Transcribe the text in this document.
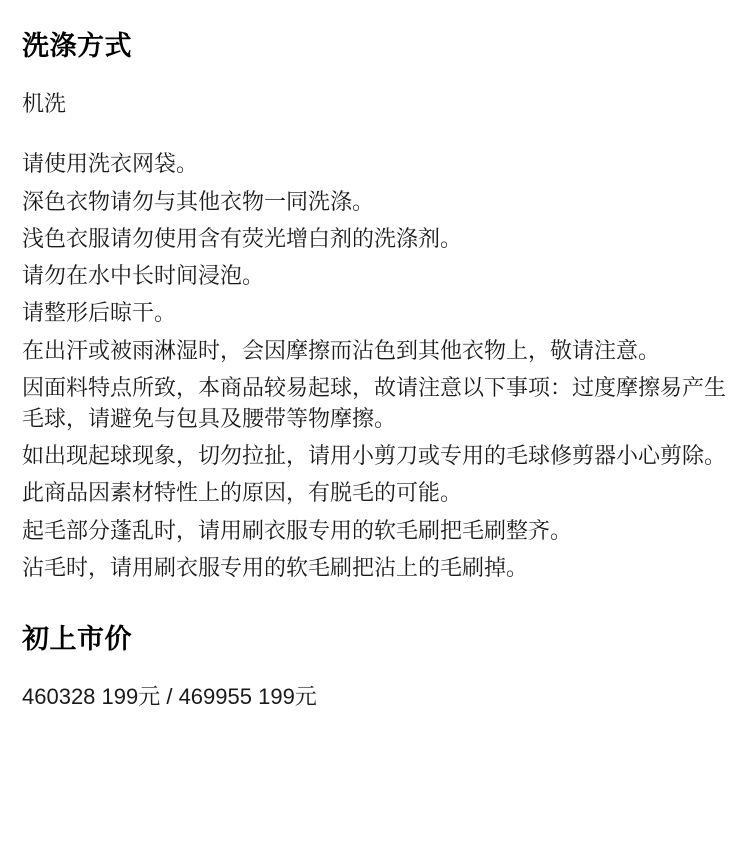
洗涤方式

机洗

请使用洗衣网袋。
深色衣物请勿与其他衣物一同洗涤。
浅色衣服请勿使用含有荧光增白剂的洗涤剂。
请勿在水中长时间浸泡。
请整形后晾干。
在出汗或被雨淋湿时，会因摩擦而沾色到其他衣物上，敬请注意。
因面料特点所致，本商品较易起球，故请注意以下事项：过度摩擦易产生毛球，请避免与包具及腰带等物摩擦。
如出现起球现象，切勿拉扯，请用小剪刀或专用的毛球修剪器小心剪除。
此商品因素材特性上的原因，有脱毛的可能。
起毛部分蓬乱时，请用刷衣服专用的软毛刷把毛刷整齐。
沾毛时，请用刷衣服专用的软毛刷把沾上的毛刷掉。
初上市价

460328 199元 / 469955 199元
